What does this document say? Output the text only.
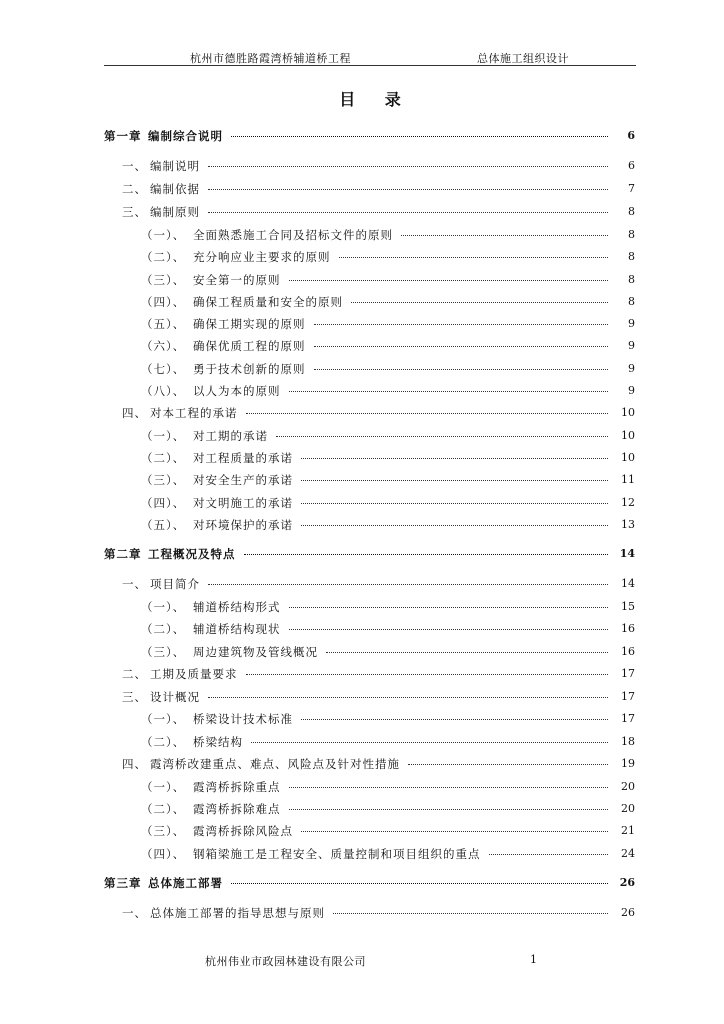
杭州市德胜路霞湾桥辅道桥工程	总体施工组织设计
目 录
第一章 编制综合说明	6
一、 编制说明	6
二、 编制依据	7
三、 编制原则	8
（一）、 全面熟悉施工合同及招标文件的原则	8
（二）、 充分响应业主要求的原则	8
（三）、 安全第一的原则	8
（四）、 确保工程质量和安全的原则	8
（五）、 确保工期实现的原则	9
（六）、 确保优质工程的原则	9
（七）、 勇于技术创新的原则	9
（八）、 以人为本的原则	9
四、 对本工程的承诺	10
（一）、 对工期的承诺	10
（二）、 对工程质量的承诺	10
（三）、 对安全生产的承诺	11
（四）、 对文明施工的承诺	12
（五）、 对环境保护的承诺	13
第二章 工程概况及特点	14
一、 项目简介	14
（一）、 辅道桥结构形式	15
（二）、 辅道桥结构现状	16
（三）、 周边建筑物及管线概况	16
二、 工期及质量要求	17
三、 设计概况	17
（一）、 桥梁设计技术标准	17
（二）、 桥梁结构	18
四、 霞湾桥改建重点、难点、风险点及针对性措施	19
（一）、 霞湾桥拆除重点	20
（二）、 霞湾桥拆除难点	20
（三）、 霞湾桥拆除风险点	21
（四）、 钢箱梁施工是工程安全、质量控制和项目组织的重点	24
第三章 总体施工部署	26
一、 总体施工部署的指导思想与原则	26
杭州伟业市政园林建设有限公司	1
